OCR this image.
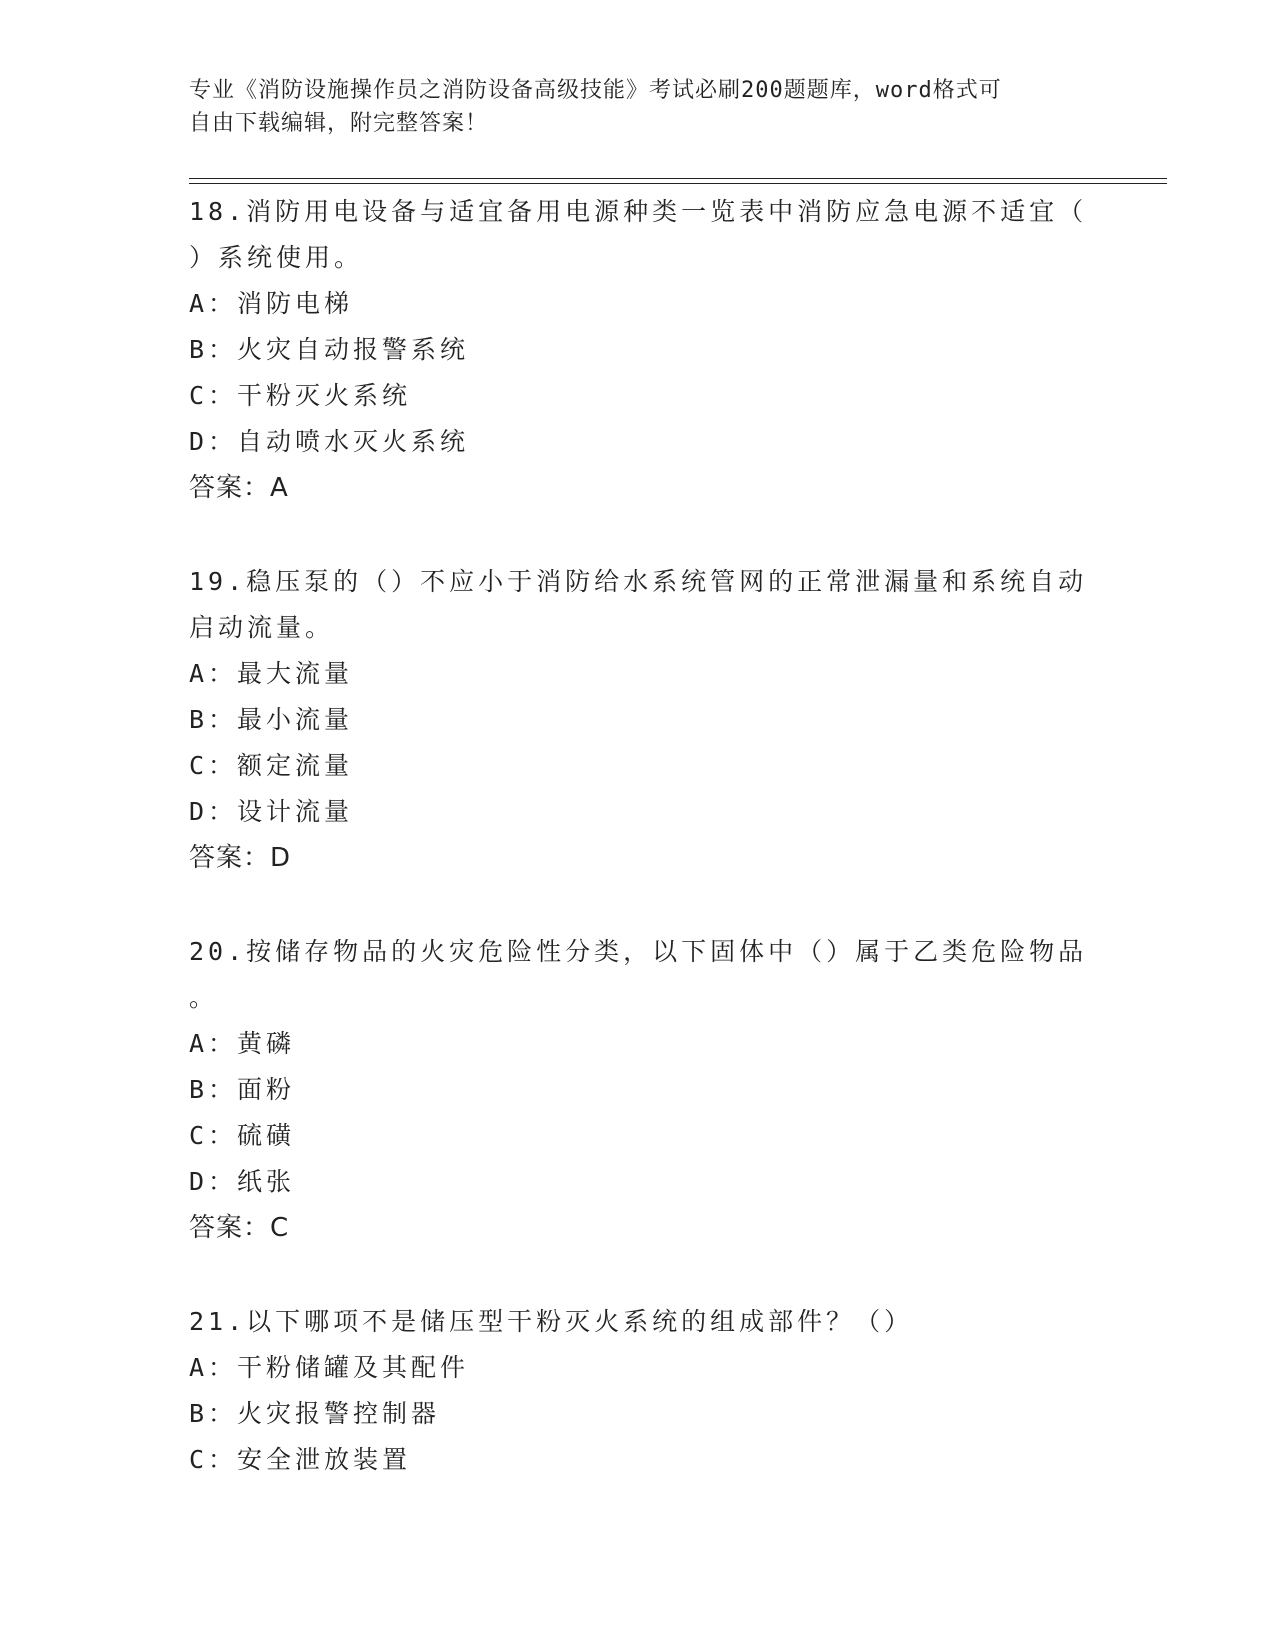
专业《消防设施操作员之消防设备高级技能》考试必刷200题题库，word格式可
自由下载编辑，附完整答案！
18.消防用电设备与适宜备用电源种类一览表中消防应急电源不适宜（
）系统使用。
A：消防电梯
B：火灾自动报警系统
C：干粉灭火系统
D：自动喷水灭火系统
答案：A
19.稳压泵的（）不应小于消防给水系统管网的正常泄漏量和系统自动
启动流量。
A：最大流量
B：最小流量
C：额定流量
D：设计流量
答案：D
20.按储存物品的火灾危险性分类，以下固体中（）属于乙类危险物品
。
A：黄磷
B：面粉
C：硫磺
D：纸张
答案：C
21.以下哪项不是储压型干粉灭火系统的组成部件？（）
A：干粉储罐及其配件
B：火灾报警控制器
C：安全泄放装置
